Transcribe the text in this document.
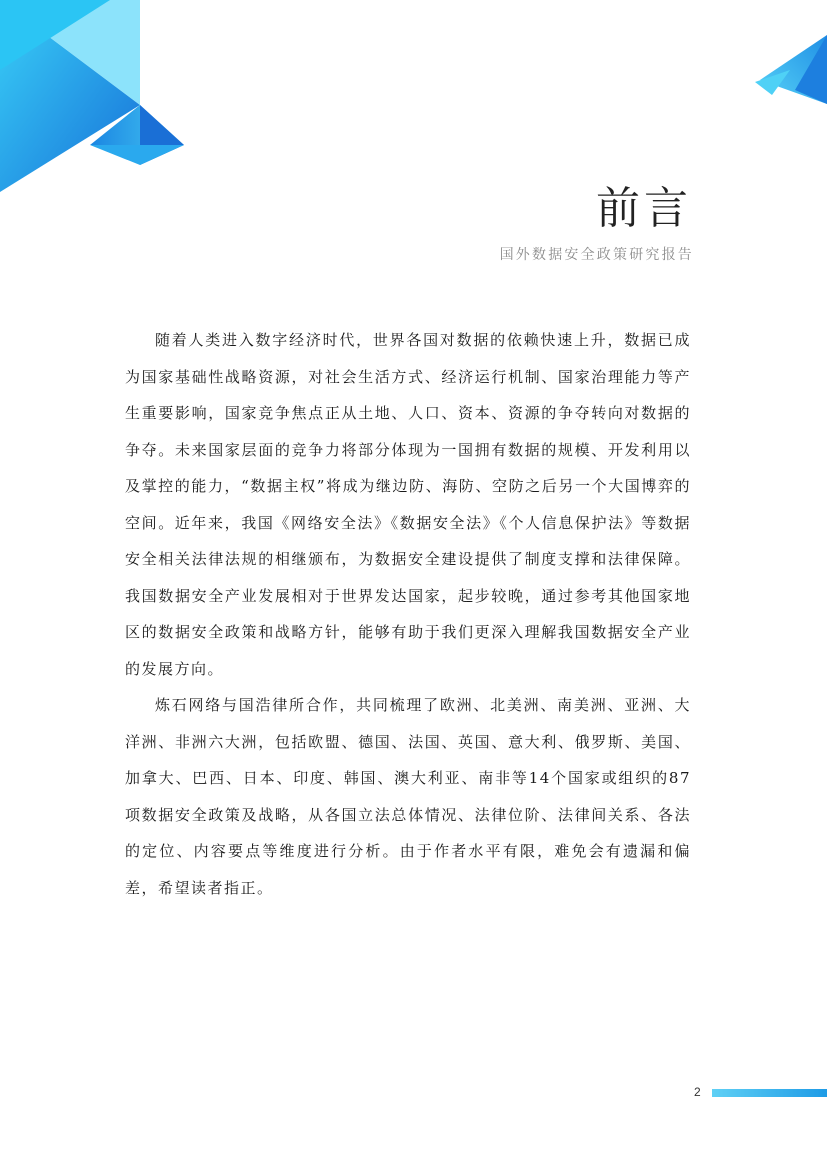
前言
国外数据安全政策研究报告

随着人类进入数字经济时代，世界各国对数据的依赖快速上升，数据已成为国家基础性战略资源，对社会生活方式、经济运行机制、国家治理能力等产生重要影响，国家竞争焦点正从土地、人口、资本、资源的争夺转向对数据的争夺。未来国家层面的竞争力将部分体现为一国拥有数据的规模、开发利用以及掌控的能力，“数据主权”将成为继边防、海防、空防之后另一个大国博弈的空间。近年来，我国《网络安全法》《数据安全法》《个人信息保护法》等数据安全相关法律法规的相继颁布，为数据安全建设提供了制度支撑和法律保障。我国数据安全产业发展相对于世界发达国家，起步较晚，通过参考其他国家地区的数据安全政策和战略方针，能够有助于我们更深入理解我国数据安全产业的发展方向。

炼石网络与国浩律所合作，共同梳理了欧洲、北美洲、南美洲、亚洲、大洋洲、非洲六大洲，包括欧盟、德国、法国、英国、意大利、俄罗斯、美国、加拿大、巴西、日本、印度、韩国、澳大利亚、南非等14个国家或组织的87项数据安全政策及战略，从各国立法总体情况、法律位阶、法律间关系、各法的定位、内容要点等维度进行分析。由于作者水平有限，难免会有遗漏和偏差，希望读者指正。

2
